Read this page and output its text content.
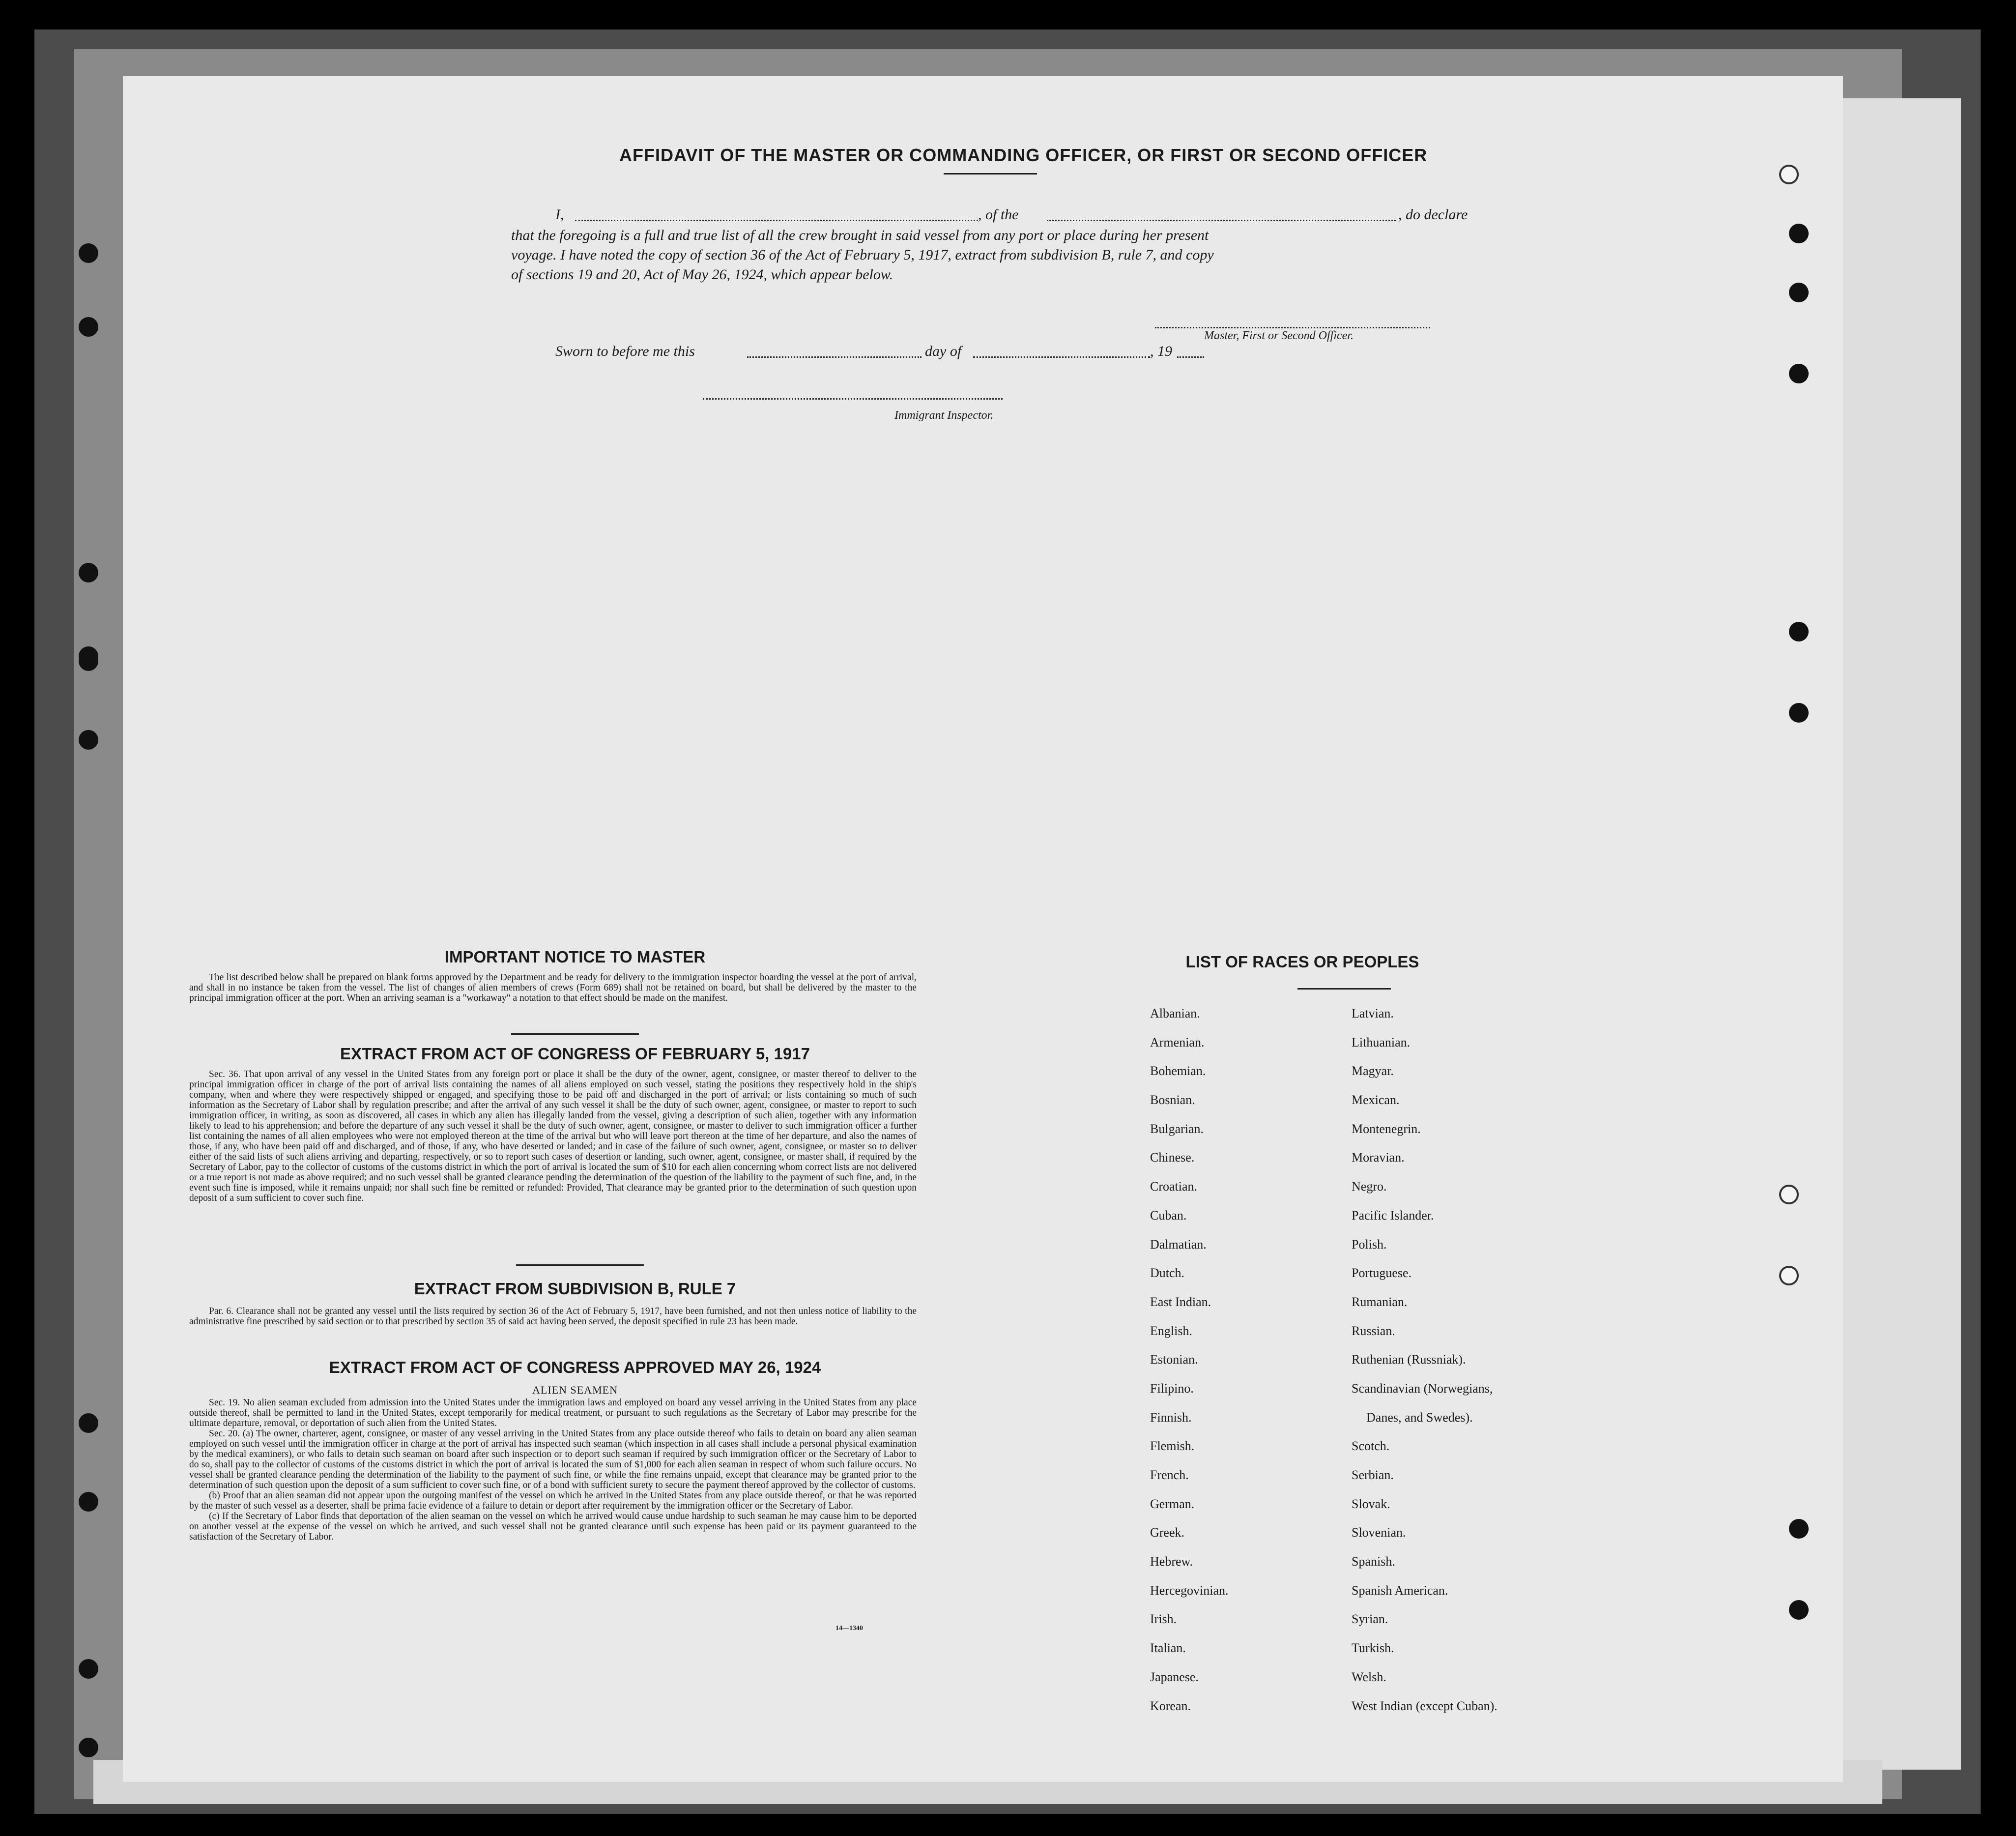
AFFIDAVIT OF THE MASTER OR COMMANDING OFFICER, OR FIRST OR SECOND OFFICER
I,	, of the	, do declare
that the foregoing is a full and true list of all the crew brought in said vessel from any port or place during her present
voyage. I have noted the copy of section 36 of the Act of February 5, 1917, extract from subdivision B, rule 7, and copy
of sections 19 and 20, Act of May 26, 1924, which appear below.
Master, First or Second Officer.
Sworn to before me this	day of	, 19
Immigrant Inspector.
IMPORTANT NOTICE TO MASTER

The list described below shall be prepared on blank forms approved by the Department and be ready for delivery to the immigration inspector boarding the vessel at the port of arrival, and shall in no instance be taken from the vessel. The list of changes of alien members of crews (Form 689) shall not be retained on board, but shall be delivered by the master to the principal immigration officer at the port. When an arriving seaman is a "workaway" a notation to that effect should be made on the manifest.

EXTRACT FROM ACT OF CONGRESS OF FEBRUARY 5, 1917

Sec. 36. That upon arrival of any vessel in the United States from any foreign port or place it shall be the duty of the owner, agent, consignee, or master thereof to deliver to the principal immigration officer in charge of the port of arrival lists containing the names of all aliens employed on such vessel, stating the positions they respectively hold in the ship's company, when and where they were respectively shipped or engaged, and specifying those to be paid off and discharged in the port of arrival; or lists containing so much of such information as the Secretary of Labor shall by regulation prescribe; and after the arrival of any such vessel it shall be the duty of such owner, agent, consignee, or master to report to such immigration officer, in writing, as soon as discovered, all cases in which any alien has illegally landed from the vessel, giving a description of such alien, together with any information likely to lead to his apprehension; and before the departure of any such vessel it shall be the duty of such owner, agent, consignee, or master to deliver to such immigration officer a further list containing the names of all alien employees who were not employed thereon at the time of the arrival but who will leave port thereon at the time of her departure, and also the names of those, if any, who have been paid off and discharged, and of those, if any, who have deserted or landed; and in case of the failure of such owner, agent, consignee, or master so to deliver either of the said lists of such aliens arriving and departing, respectively, or so to report such cases of desertion or landing, such owner, agent, consignee, or master shall, if required by the Secretary of Labor, pay to the collector of customs of the customs district in which the port of arrival is located the sum of $10 for each alien concerning whom correct lists are not delivered or a true report is not made as above required; and no such vessel shall be granted clearance pending the determination of the question of the liability to the payment of such fine, and, in the event such fine is imposed, while it remains unpaid; nor shall such fine be remitted or refunded: Provided, That clearance may be granted prior to the determination of such question upon deposit of a sum sufficient to cover such fine.

EXTRACT FROM SUBDIVISION B, RULE 7

Par. 6. Clearance shall not be granted any vessel until the lists required by section 36 of the Act of February 5, 1917, have been furnished, and not then unless notice of liability to the administrative fine prescribed by said section or to that prescribed by section 35 of said act having been served, the deposit specified in rule 23 has been made.

EXTRACT FROM ACT OF CONGRESS APPROVED MAY 26, 1924
ALIEN SEAMEN

Sec. 19. No alien seaman excluded from admission into the United States under the immigration laws and employed on board any vessel arriving in the United States from any place outside thereof, shall be permitted to land in the United States, except temporarily for medical treatment, or pursuant to such regulations as the Secretary of Labor may prescribe for the ultimate departure, removal, or deportation of such alien from the United States.

Sec. 20. (a) The owner, charterer, agent, consignee, or master of any vessel arriving in the United States from any place outside thereof who fails to detain on board any alien seaman employed on such vessel until the immigration officer in charge at the port of arrival has inspected such seaman (which inspection in all cases shall include a personal physical examination by the medical examiners), or who fails to detain such seaman on board after such inspection or to deport such seaman if required by such immigration officer or the Secretary of Labor to do so, shall pay to the collector of customs of the customs district in which the port of arrival is located the sum of $1,000 for each alien seaman in respect of whom such failure occurs. No vessel shall be granted clearance pending the determination of the liability to the payment of such fine, or while the fine remains unpaid, except that clearance may be granted prior to the determination of such question upon the deposit of a sum sufficient to cover such fine, or of a bond with sufficient surety to secure the payment thereof approved by the collector of customs.

(b) Proof that an alien seaman did not appear upon the outgoing manifest of the vessel on which he arrived in the United States from any place outside thereof, or that he was reported by the master of such vessel as a deserter, shall be prima facie evidence of a failure to detain or deport after requirement by the immigration officer or the Secretary of Labor.

(c) If the Secretary of Labor finds that deportation of the alien seaman on the vessel on which he arrived would cause undue hardship to such seaman he may cause him to be deported on another vessel at the expense of the vessel on which he arrived, and such vessel shall not be granted clearance until such expense has been paid or its payment guaranteed to the satisfaction of the Secretary of Labor.

14—1340
LIST OF RACES OR PEOPLES
Albanian.
Armenian.
Bohemian.
Bosnian.
Bulgarian.
Chinese.
Croatian.
Cuban.
Dalmatian.
Dutch.
East Indian.
English.
Estonian.
Filipino.
Finnish.
Flemish.
French.
German.
Greek.
Hebrew.
Hercegovinian.
Irish.
Italian.
Japanese.
Korean.
Latvian.
Lithuanian.
Magyar.
Mexican.
Montenegrin.
Moravian.
Negro.
Pacific Islander.
Polish.
Portuguese.
Rumanian.
Russian.
Ruthenian (Russniak).
Scandinavian (Norwegians,
Danes, and Swedes).
Scotch.
Serbian.
Slovak.
Slovenian.
Spanish.
Spanish American.
Syrian.
Turkish.
Welsh.
West Indian (except Cuban).
